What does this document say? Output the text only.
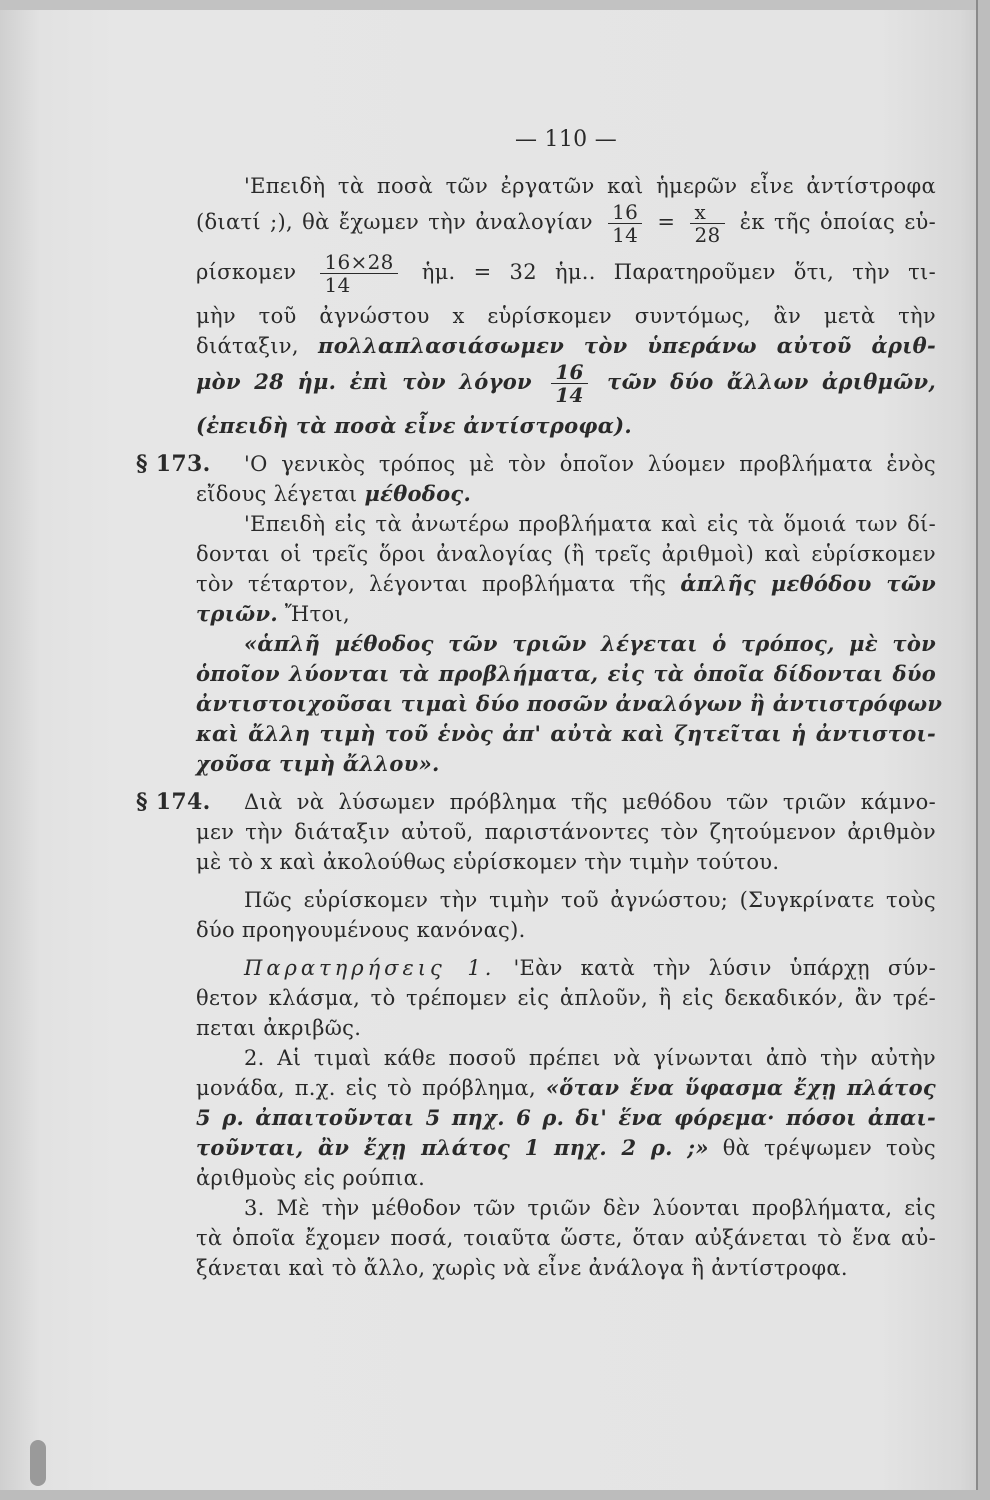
— 110 —
'Επειδὴ τὰ ποσὰ τῶν ἐργατῶν καὶ ἡμερῶν εἶνε ἀντίστροφα
(διατί ;), θὰ ἔχωμεν τὴν ἀναλογίαν $\frac{16}{14} = \frac{x}{28}$ ἐκ τῆς ὁποίας εὑ-
ρίσκομεν $\frac{16\times 28}{14}$ ἡμ. = 32 ἡμ.. Παρατηροῦμεν ὅτι, τὴν τι-
μὴν τοῦ ἀγνώστου x εὑρίσκομεν συντόμως, ἂν μετὰ τὴν
διάταξιν, πολλαπλασιάσωμεν τὸν ὑπεράνω αὐτοῦ ἀριθ-
μὸν 28 ἡμ. ἐπὶ τὸν λόγον $\frac{16}{14}$ τῶν δύο ἄλλων ἀριθμῶν,
(ἐπειδὴ τὰ ποσὰ εἶνε ἀντίστροφα).
§ 173.	'Ο γενικὸς τρόπος μὲ τὸν ὁποῖον λύομεν προβλήματα ἑνὸς
εἴδους λέγεται μέθοδος.
'Επειδὴ εἰς τὰ ἀνωτέρω προβλήματα καὶ εἰς τὰ ὅμοιά των δί-
δονται οἱ τρεῖς ὅροι ἀναλογίας (ἢ τρεῖς ἀριθμοὶ) καὶ εὑρίσκομεν
τὸν τέταρτον, λέγονται προβλήματα τῆς ἁπλῆς μεθόδου τῶν
τριῶν. Ἤτοι,
«ἁπλῆ μέθοδος τῶν τριῶν λέγεται ὁ τρόπος, μὲ τὸν
ὁποῖον λύονται τὰ προβλήματα, εἰς τὰ ὁποῖα δίδονται δύο
ἀντιστοιχοῦσαι τιμαὶ δύο ποσῶν ἀναλόγων ἢ ἀντιστρόφων
καὶ ἄλλη τιμὴ τοῦ ἑνὸς ἀπ' αὐτὰ καὶ ζητεῖται ἡ ἀντιστοι-
χοῦσα τιμὴ ἄλλου».
§ 174.	Διὰ νὰ λύσωμεν πρόβλημα τῆς μεθόδου τῶν τριῶν κάμνο-
μεν τὴν διάταξιν αὐτοῦ, παριστάνοντες τὸν ζητούμενον ἀριθμὸν
μὲ τὸ x καὶ ἀκολούθως εὑρίσκομεν τὴν τιμὴν τούτου.
Πῶς εὑρίσκομεν τὴν τιμὴν τοῦ ἀγνώστου; (Συγκρίνατε τοὺς
δύο προηγουμένους κανόνας).
Παρατηρήσεις 1. 'Εὰν κατὰ τὴν λύσιν ὑπάρχῃ σύν-
θετον κλάσμα, τὸ τρέπομεν εἰς ἁπλοῦν, ἢ εἰς δεκαδικόν, ἂν τρέ-
πεται ἀκριβῶς.
2. Αἱ τιμαὶ κάθε ποσοῦ πρέπει νὰ γίνωνται ἀπὸ τὴν αὐτὴν
μονάδα, π.χ. εἰς τὸ πρόβλημα, «ὅταν ἕνα ὕφασμα ἔχῃ πλάτος
5 ρ. ἀπαιτοῦνται 5 πηχ. 6 ρ. δι' ἕνα φόρεμα· πόσοι ἀπαι-
τοῦνται, ἂν ἔχῃ πλάτος 1 πηχ. 2 ρ. ;» θὰ τρέψωμεν τοὺς
ἀριθμοὺς εἰς ρούπια.
3. Μὲ τὴν μέθοδον τῶν τριῶν δὲν λύονται προβλήματα, εἰς
τὰ ὁποῖα ἔχομεν ποσά, τοιαῦτα ὥστε, ὅταν αὐξάνεται τὸ ἕνα αὐ-
ξάνεται καὶ τὸ ἄλλο, χωρὶς νὰ εἶνε ἀνάλογα ἢ ἀντίστροφα.
